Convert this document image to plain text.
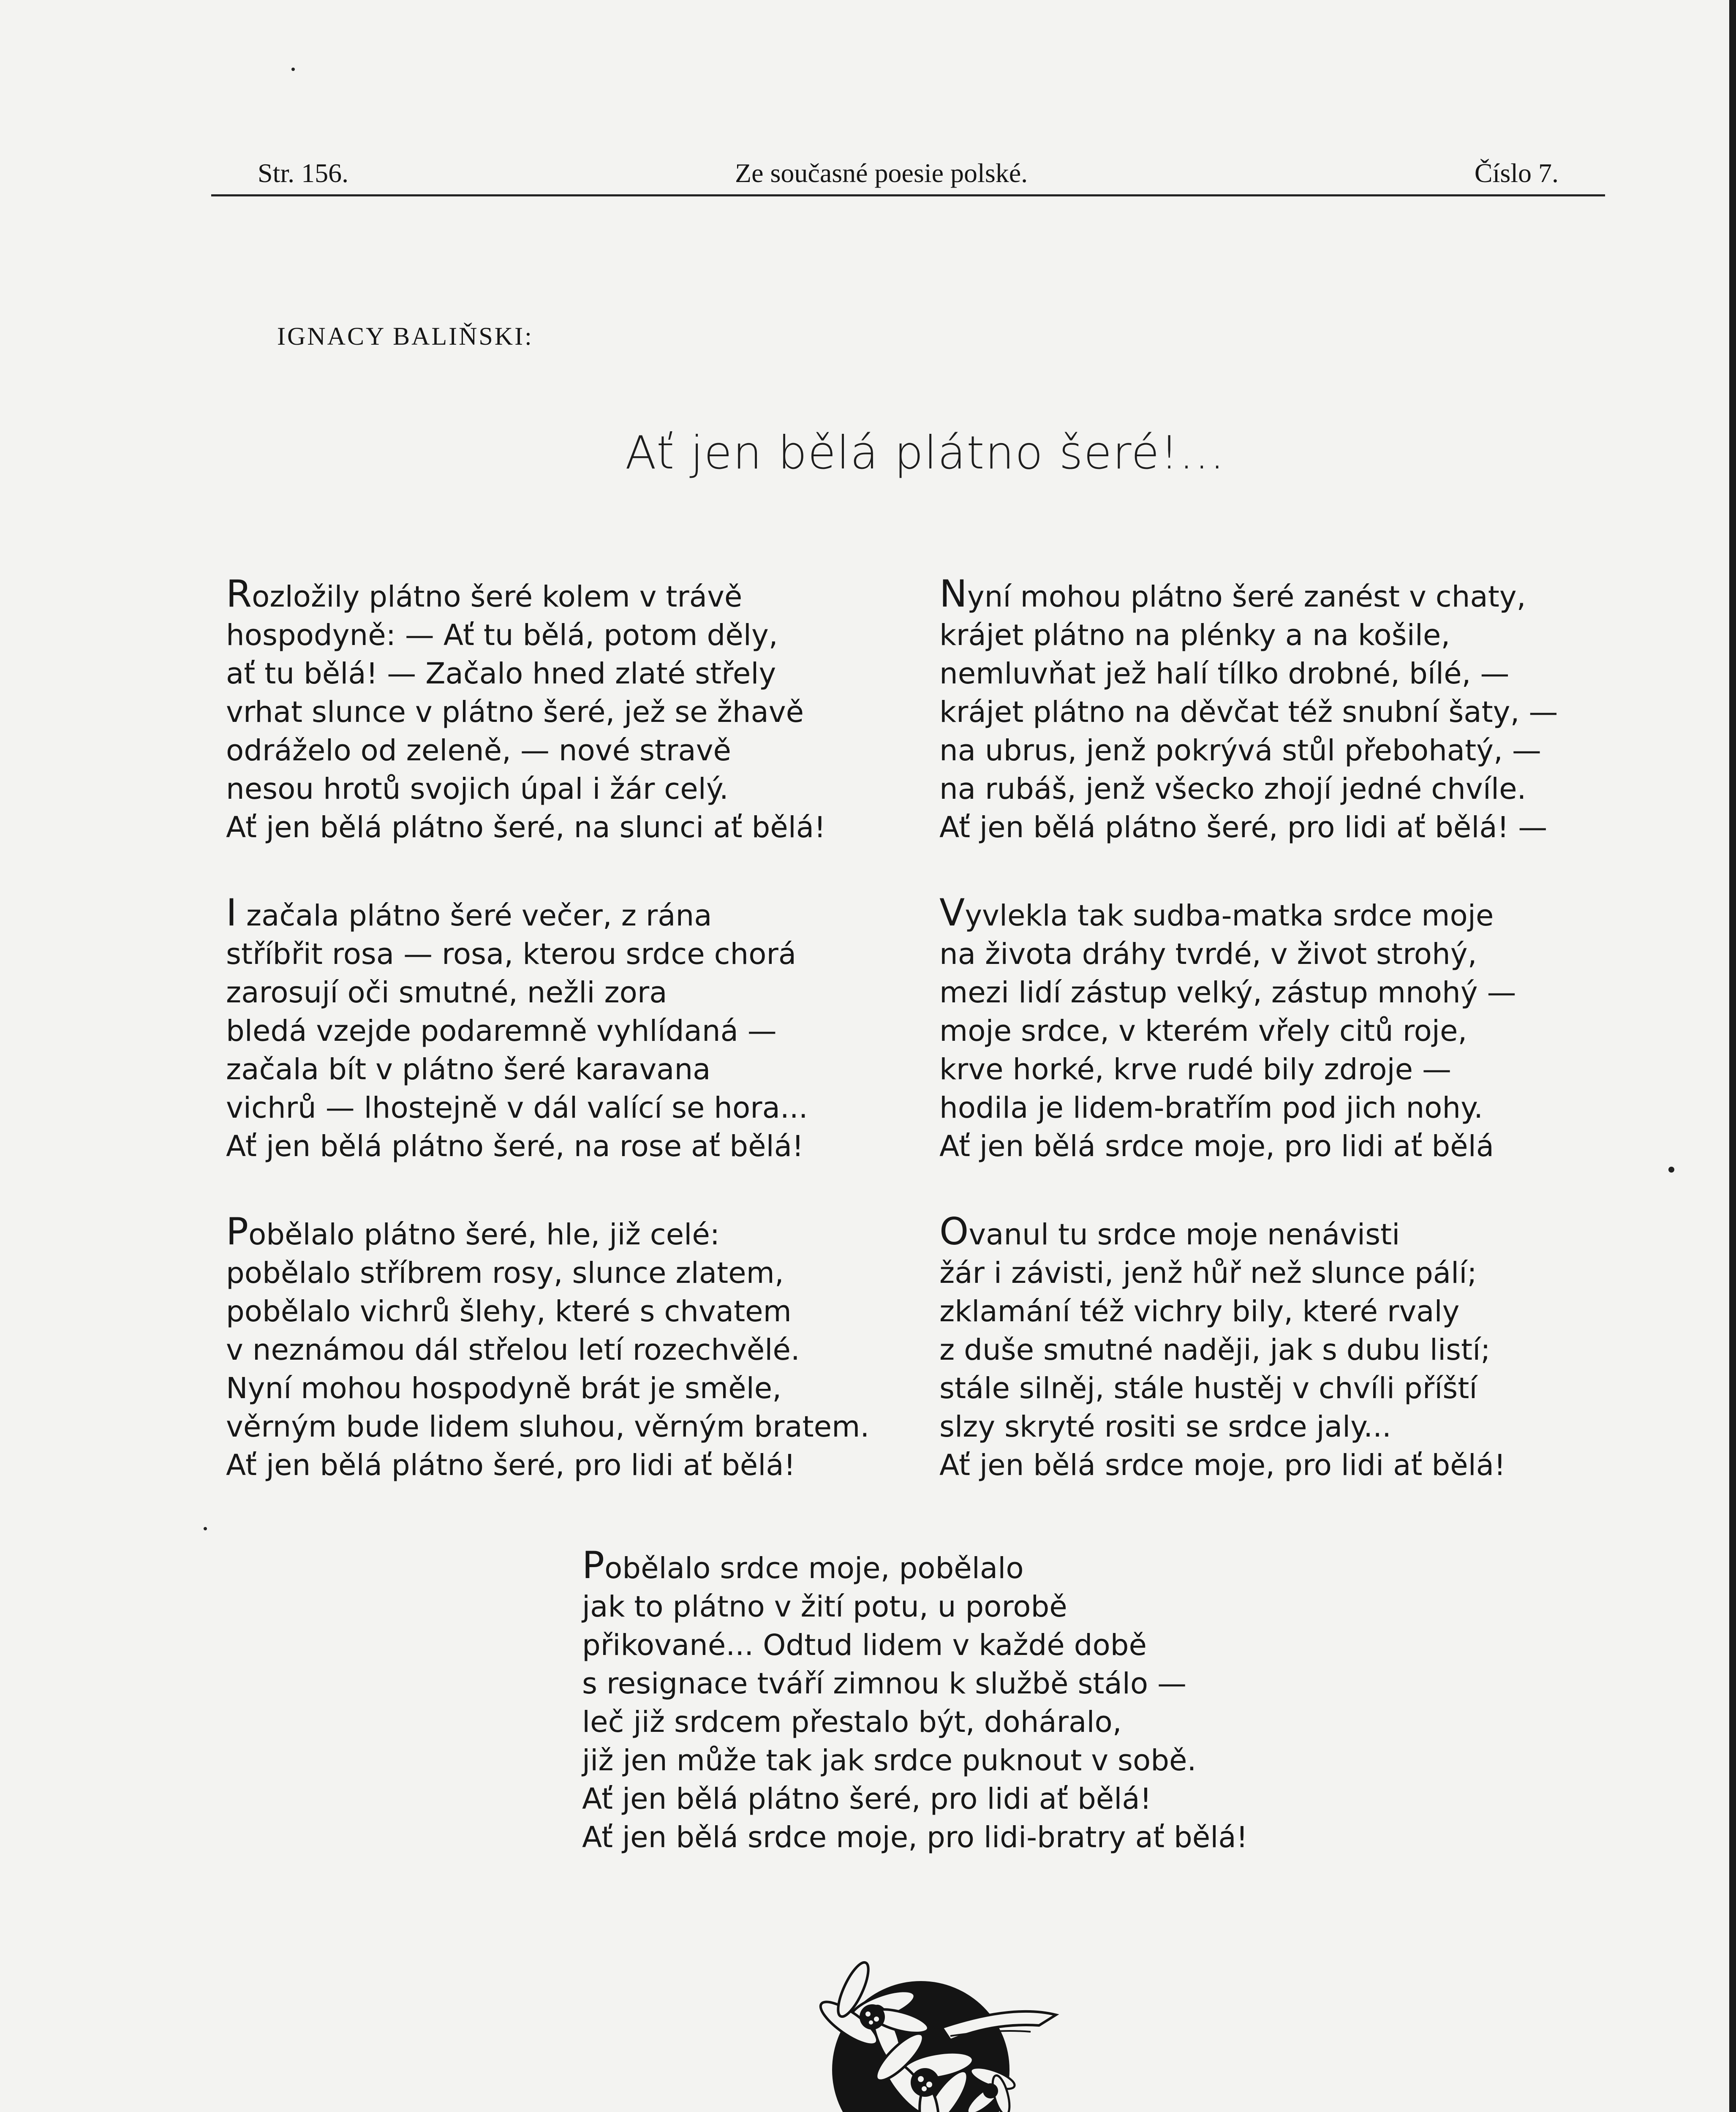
Str. 156.	Ze současné poesie polské.	Číslo 7.
IGNACY BALIŇSKI:
Ať jen bělá plátno šeré!...
Rozložily plátno šeré kolem v trávě
hospodyně: — Ať tu bělá, potom děly,
ať tu bělá! — Začalo hned zlaté střely
vrhat slunce v plátno šeré, jež se žhavě
odráželo od zeleně, — nové stravě
nesou hrotů svojich úpal i žár celý.
Ať jen bělá plátno šeré, na slunci ať bělá!
Nyní mohou plátno šeré zanést v chaty,
krájet plátno na plénky a na košile,
nemluvňat jež halí tílko drobné, bílé, —
krájet plátno na děvčat též snubní šaty, —
na ubrus, jenž pokrývá stůl přebohatý, —
na rubáš, jenž všecko zhojí jedné chvíle.
Ať jen bělá plátno šeré, pro lidi ať bělá! —
I začala plátno šeré večer, z rána
stříbřit rosa — rosa, kterou srdce chorá
zarosují oči smutné, nežli zora
bledá vzejde podaremně vyhlídaná —
začala bít v plátno šeré karavana
vichrů — lhostejně v dál valící se hora...
Ať jen bělá plátno šeré, na rose ať bělá!
Vyvlekla tak sudba-matka srdce moje
na života dráhy tvrdé, v život strohý,
mezi lidí zástup velký, zástup mnohý —
moje srdce, v kterém vřely citů roje,
krve horké, krve rudé bily zdroje —
hodila je lidem-bratřím pod jich nohy.
Ať jen bělá srdce moje, pro lidi ať bělá
Pobělalo plátno šeré, hle, již celé:
pobělalo stříbrem rosy, slunce zlatem,
pobělalo vichrů šlehy, které s chvatem
v neznámou dál střelou letí rozechvělé.
Nyní mohou hospodyně brát je směle,
věrným bude lidem sluhou, věrným bratem.
Ať jen bělá plátno šeré, pro lidi ať bělá!
Ovanul tu srdce moje nenávisti
žár i závisti, jenž hůř než slunce pálí;
zklamání též vichry bily, které rvaly
z duše smutné naději, jak s dubu listí;
stále silněj, stále hustěj v chvíli příští
slzy skryté rositi se srdce jaly...
Ať jen bělá srdce moje, pro lidi ať bělá!
Pobělalo srdce moje, pobělalo
jak to plátno v žití potu, u porobě
přikované... Odtud lidem v každé době
s resignace tváří zimnou k službě stálo —
leč již srdcem přestalo být, doháralo,
již jen může tak jak srdce puknout v sobě.
Ať jen bělá plátno šeré, pro lidi ať bělá!
Ať jen bělá srdce moje, pro lidi-bratry ať bělá!
